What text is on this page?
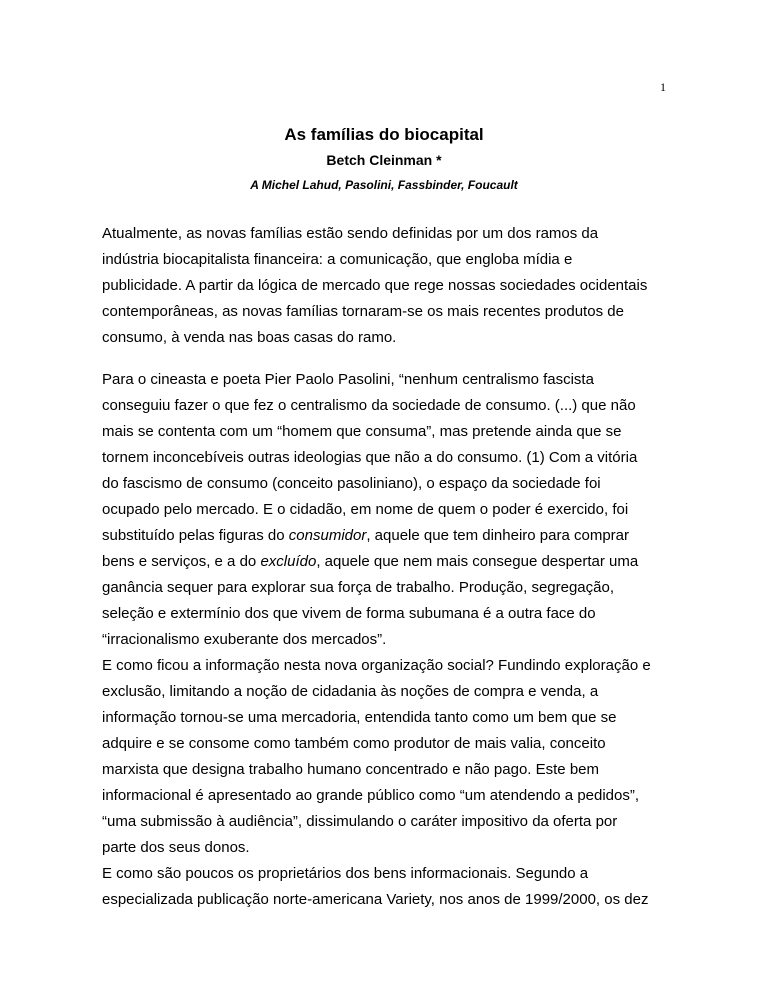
1
As famílias do biocapital
Betch Cleinman *
A Michel Lahud, Pasolini, Fassbinder, Foucault

Atualmente, as novas famílias estão sendo definidas por um dos ramos da
indústria biocapitalista financeira: a comunicação, que engloba mídia e
publicidade. A partir da lógica de mercado que rege nossas sociedades ocidentais
contemporâneas, as novas famílias tornaram-se os mais recentes produtos de
consumo, à venda nas boas casas do ramo.

Para o cineasta e poeta Pier Paolo Pasolini, “nenhum centralismo fascista
conseguiu fazer o que fez o centralismo da sociedade de consumo. (...) que não
mais se contenta com um “homem que consuma”, mas pretende ainda que se
tornem inconcebíveis outras ideologias que não a do consumo. (1) Com a vitória
do fascismo de consumo (conceito pasoliniano), o espaço da sociedade foi
ocupado pelo mercado. E o cidadão, em nome de quem o poder é exercido, foi
substituído pelas figuras do consumidor, aquele que tem dinheiro para comprar
bens e serviços, e a do excluído, aquele que nem mais consegue despertar uma
ganância sequer para explorar sua força de trabalho. Produção, segregação,
seleção e extermínio dos que vivem de forma subumana é a outra face do
“irracionalismo exuberante dos mercados”.

E como ficou a informação nesta nova organização social? Fundindo exploração e
exclusão, limitando a noção de cidadania às noções de compra e venda, a
informação tornou-se uma mercadoria, entendida tanto como um bem que se
adquire e se consome como também como produtor de mais valia, conceito
marxista que designa trabalho humano concentrado e não pago. Este bem
informacional é apresentado ao grande público como “um atendendo a pedidos”,
“uma submissão à audiência”, dissimulando o caráter impositivo da oferta por
parte dos seus donos.

E como são poucos os proprietários dos bens informacionais. Segundo a
especializada publicação norte-americana Variety, nos anos de 1999/2000, os dez
